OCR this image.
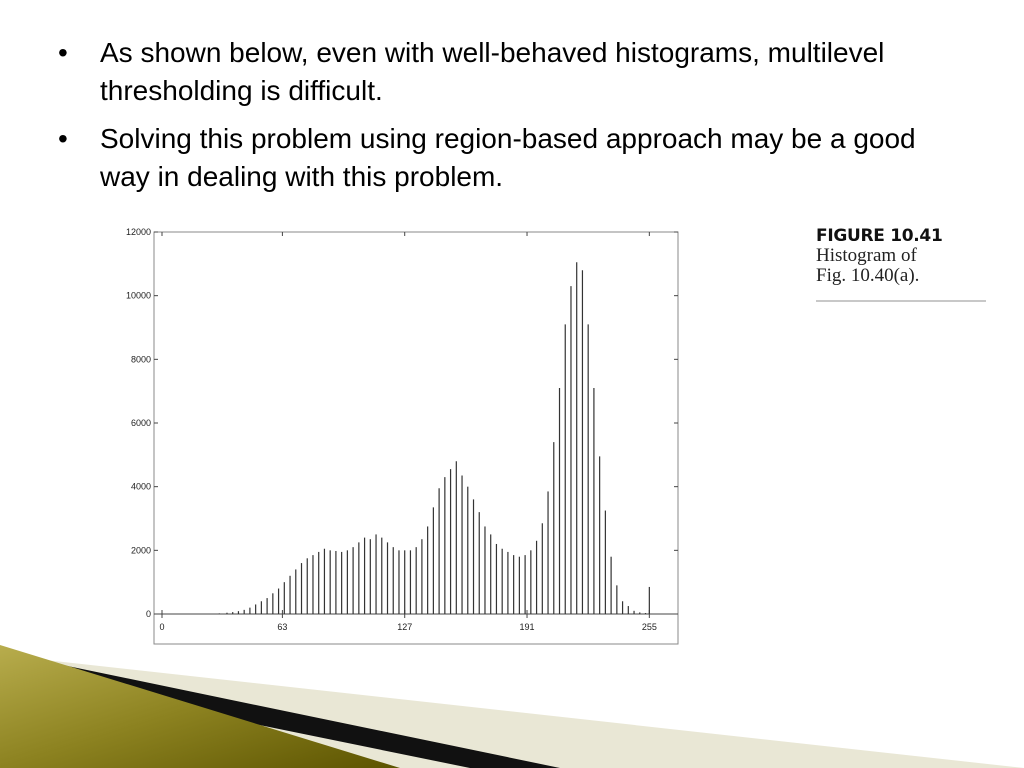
•	As shown below, even with well-behaved histograms, multilevel thresholding is difficult.
•	Solving this problem using region-based approach may be a good way in dealing with this problem.
0
2000
4000
6000
8000
10000
12000
0	63	127	191	255
FIGURE 10.41
Histogram of
Fig. 10.40(a).
